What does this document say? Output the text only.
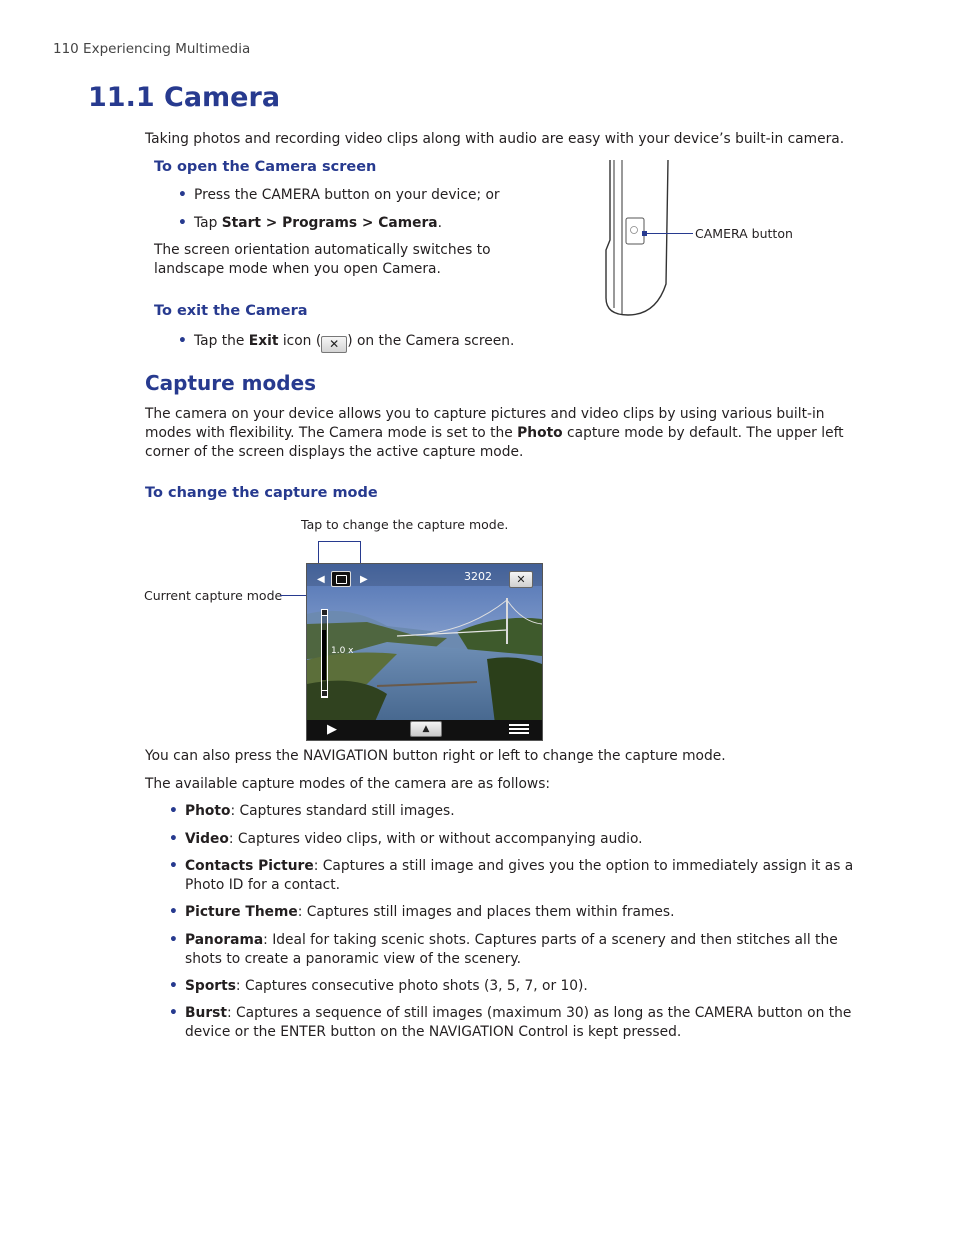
110 Experiencing Multimedia
11.1 Camera
Taking photos and recording video clips along with audio are easy with your device’s built-in camera.
To open the Camera screen
• Press the CAMERA button on your device; or
• Tap Start > Programs > Camera.
The screen orientation automatically switches to landscape mode when you open Camera.
CAMERA button
To exit the Camera
• Tap the Exit icon ( ✕ ) on the Camera screen.
Capture modes
The camera on your device allows you to capture pictures and video clips by using various built-in modes with flexibility. The Camera mode is set to the Photo capture mode by default. The upper left corner of the screen displays the active capture mode.
To change the capture mode
Tap to change the capture mode.
Current capture mode
◀	▶	3202	✕
1.0 x
▶	▲
You can also press the NAVIGATION button right or left to change the capture mode.
The available capture modes of the camera are as follows:
• Photo: Captures standard still images.
• Video: Captures video clips, with or without accompanying audio.
• Contacts Picture: Captures a still image and gives you the option to immediately assign it as a Photo ID for a contact.
• Picture Theme: Captures still images and places them within frames.
• Panorama: Ideal for taking scenic shots. Captures parts of a scenery and then stitches all the shots to create a panoramic view of the scenery.
• Sports: Captures consecutive photo shots (3, 5, 7, or 10).
• Burst: Captures a sequence of still images (maximum 30) as long as the CAMERA button on the device or the ENTER button on the NAVIGATION Control is kept pressed.
